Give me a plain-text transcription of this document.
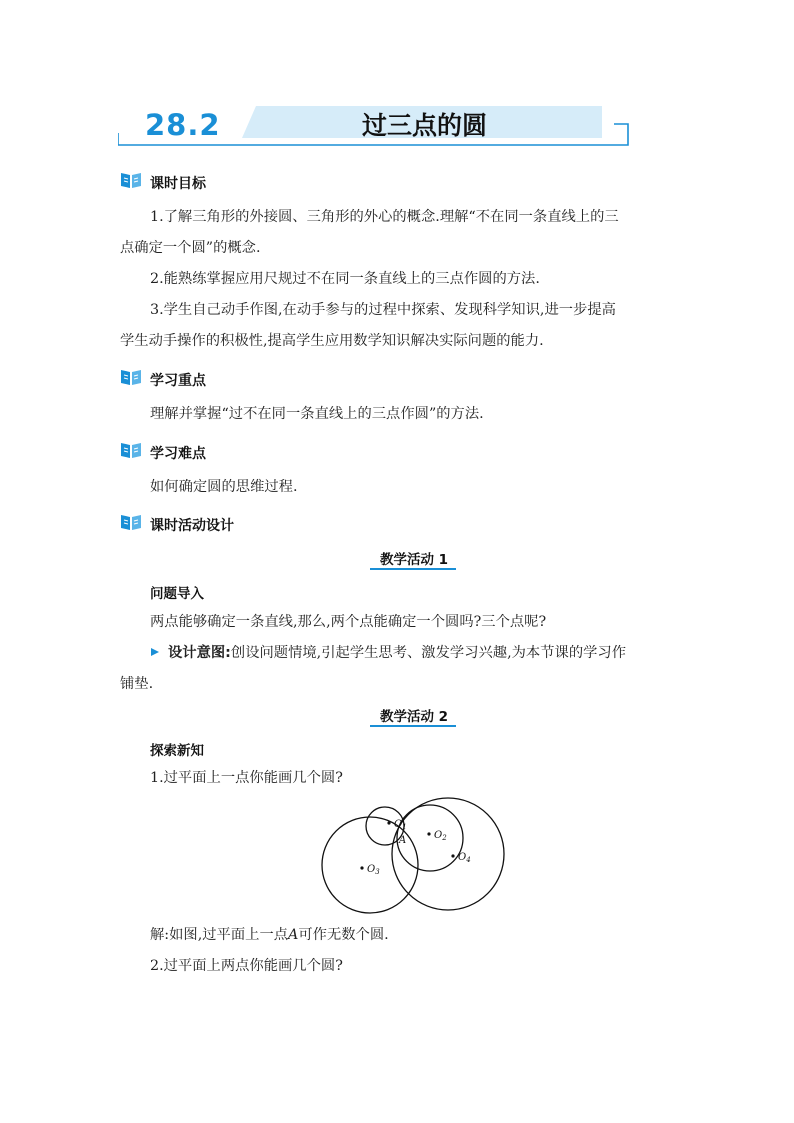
28.2	过三点的圆
课时目标
1.了解三角形的外接圆、三角形的外心的概念.理解“不在同一条直线上的三
点确定一个圆”的概念.
2.能熟练掌握应用尺规过不在同一条直线上的三点作圆的方法.
3.学生自己动手作图,在动手参与的过程中探索、发现科学知识,进一步提高
学生动手操作的积极性,提高学生应用数学知识解决实际问题的能力.
学习重点
理解并掌握“过不在同一条直线上的三点作圆”的方法.
学习难点
如何确定圆的思维过程.
课时活动设计
教学活动 1
问题导入
两点能够确定一条直线,那么,两个点能确定一个圆吗?三个点呢?
设计意图:创设问题情境,引起学生思考、激发学习兴趣,为本节课的学习作
铺垫.
教学活动 2
探索新知
1.过平面上一点你能画几个圆?
$O_1$
$O_2$
$O_3$
$O_4$
A
解:如图,过平面上一点A可作无数个圆.
2.过平面上两点你能画几个圆?
